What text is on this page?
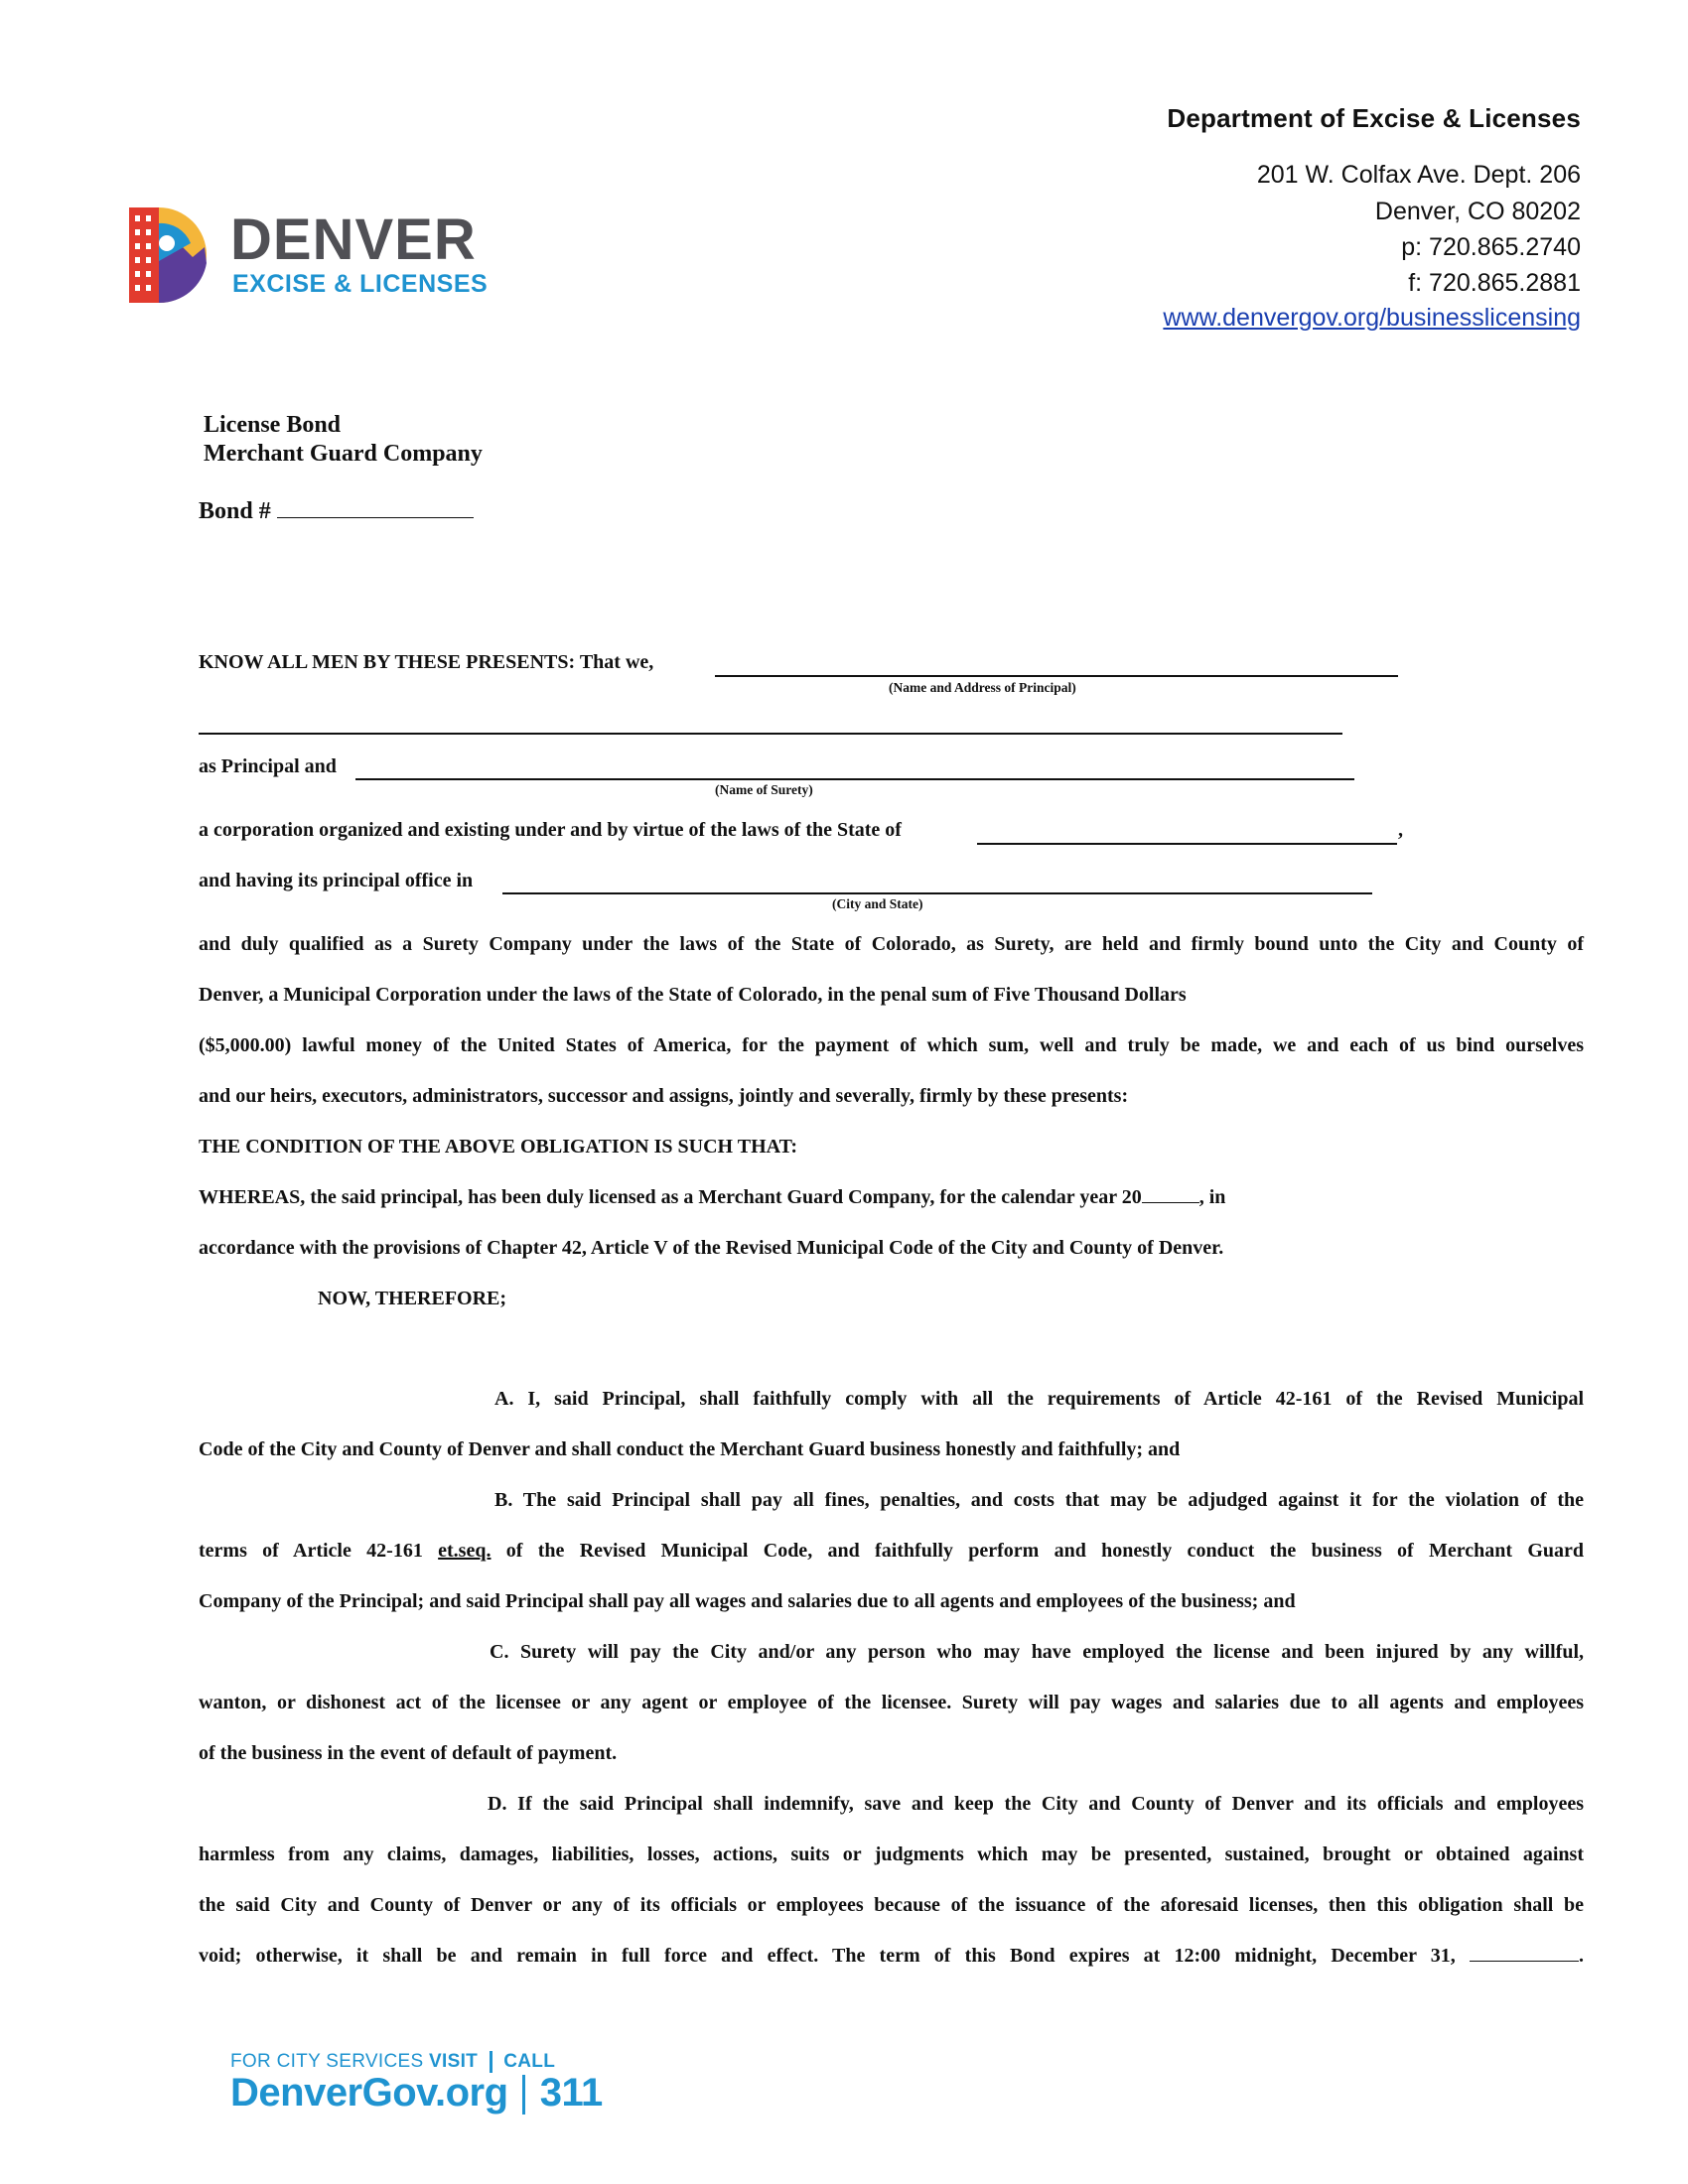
Department of Excise & Licenses
201 W. Colfax Ave. Dept. 206
Denver, CO 80202
p: 720.865.2740
f: 720.865.2881
www.denvergov.org/businesslicensing
DENVER
EXCISE & LICENSES
License Bond
Merchant Guard Company
Bond #
KNOW ALL MEN BY THESE PRESENTS: That we,
(Name and Address of Principal)
as Principal and
(Name of Surety)
a corporation organized and existing under and by virtue of the laws of the State of	,
and having its principal office in
(City and State)
and duly qualified as a Surety Company under the laws of the State of Colorado, as Surety, are held and firmly bound unto the City and County of
Denver, a Municipal Corporation under the laws of the State of Colorado, in the penal sum of Five Thousand Dollars
($5,000.00) lawful money of the United States of America, for the payment of which sum, well and truly be made, we and each of us bind ourselves
and our heirs, executors, administrators, successor and assigns, jointly and severally, firmly by these presents:
THE CONDITION OF THE ABOVE OBLIGATION IS SUCH THAT:
WHEREAS, the said principal, has been duly licensed as a Merchant Guard Company, for the calendar year 20	, in
accordance with the provisions of Chapter 42, Article V of the Revised Municipal Code of the City and County of Denver.
NOW, THEREFORE;
A. I, said Principal, shall faithfully comply with all the requirements of Article 42-161 of the Revised Municipal
Code of the City and County of Denver and shall conduct the Merchant Guard business honestly and faithfully; and
B. The said Principal shall pay all fines, penalties, and costs that may be adjudged against it for the violation of the
terms of Article 42-161 et.seq. of the Revised Municipal Code, and faithfully perform and honestly conduct the business of Merchant Guard
Company of the Principal; and said Principal shall pay all wages and salaries due to all agents and employees of the business; and
C. Surety will pay the City and/or any person who may have employed the license and been injured by any willful,
wanton, or dishonest act of the licensee or any agent or employee of the licensee. Surety will pay wages and salaries due to all agents and employees
of the business in the event of default of payment.
D. If the said Principal shall indemnify, save and keep the City and County of Denver and its officials and employees
harmless from any claims, damages, liabilities, losses, actions, suits or judgments which may be presented, sustained, brought or obtained against
the said City and County of Denver or any of its officials or employees because of the issuance of the aforesaid licenses, then this obligation shall be
void; otherwise, it shall be and remain in full force and effect. The term of this Bond expires at 12:00 midnight, December 31,	.
FOR CITY SERVICES VISIT CALL
DenverGov.org 311
